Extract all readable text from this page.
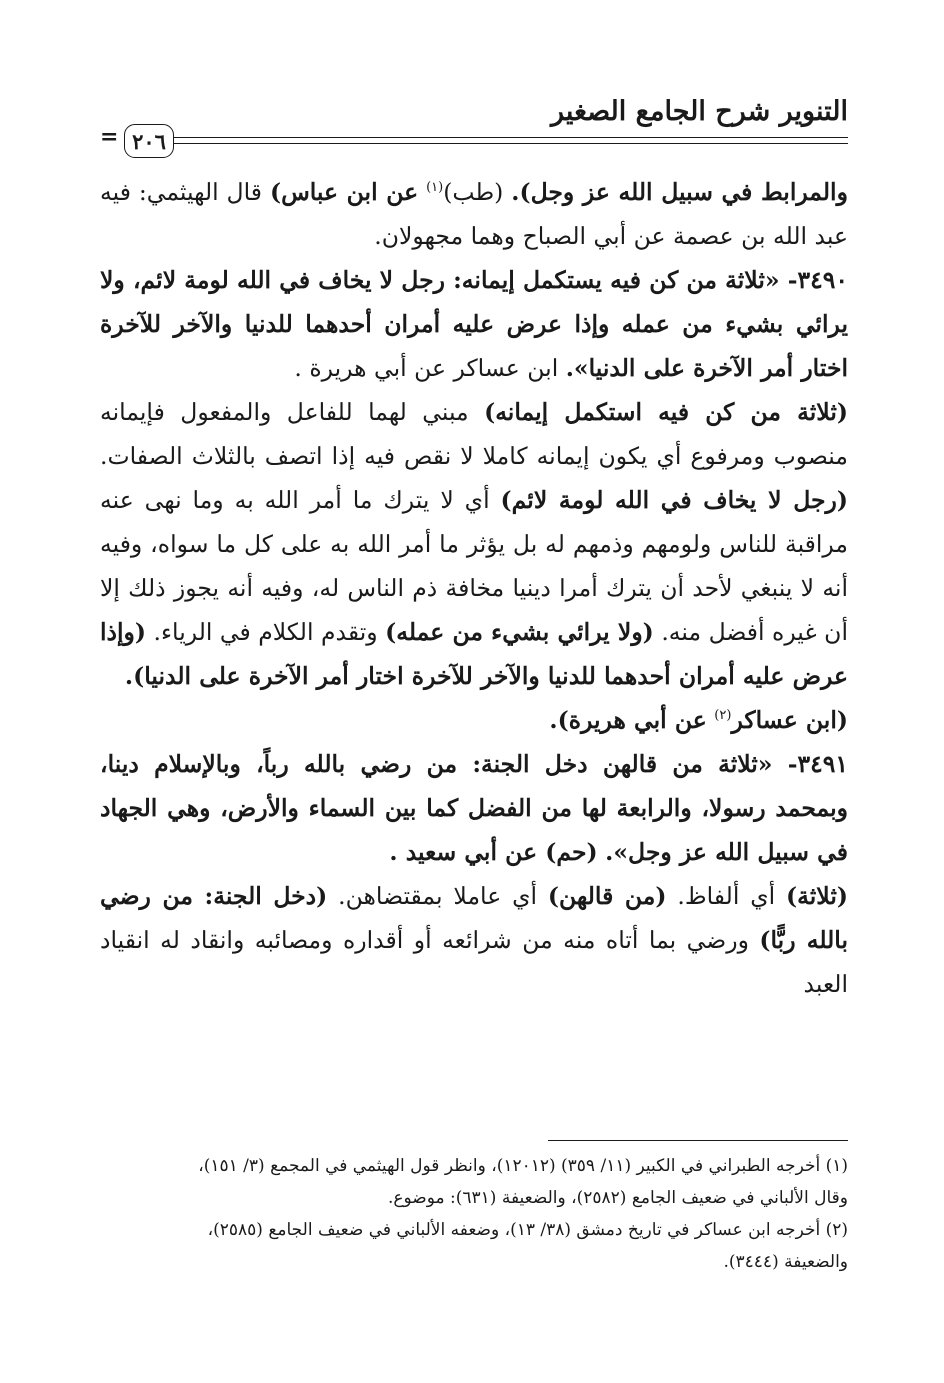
التنوير شرح الجامع الصغير
٢٠٦
=

والمرابط في سبيل الله عز وجل). (طب)$^{(١)}$ عن ابن عباس) قال الهيثمي: فيه عبد الله بن عصمة عن أبي الصباح وهما مجهولان.

٣٤٩٠- «ثلاثة من كن فيه يستكمل إيمانه: رجل لا يخاف في الله لومة لائم، ولا يرائي بشيء من عمله وإذا عرض عليه أمران أحدهما للدنيا والآخر للآخرة اختار أمر الآخرة على الدنيا». ابن عساكر عن أبي هريرة .

(ثلاثة من كن فيه استكمل إيمانه) مبني لهما للفاعل والمفعول فإيمانه منصوب ومرفوع أي يكون إيمانه كاملا لا نقص فيه إذا اتصف بالثلاث الصفات. (رجل لا يخاف في الله لومة لائم) أي لا يترك ما أمر الله به وما نهى عنه مراقبة للناس ولومهم وذمهم له بل يؤثر ما أمر الله به على كل ما سواه، وفيه أنه لا ينبغي لأحد أن يترك أمرا دينيا مخافة ذم الناس له، وفيه أنه يجوز ذلك إلا أن غيره أفضل منه. (ولا يرائي بشيء من عمله) وتقدم الكلام في الرياء. (وإذا عرض عليه أمران أحدهما للدنيا والآخر للآخرة اختار أمر الآخرة على الدنيا).
(ابن عساكر$^{(٢)}$ عن أبي هريرة).

٣٤٩١- «ثلاثة من قالهن دخل الجنة: من رضي بالله رباً، وبالإسلام دينا، وبمحمد رسولا، والرابعة لها من الفضل كما بين السماء والأرض، وهي الجهاد في سبيل الله عز وجل». (حم) عن أبي سعيد .

(ثلاثة) أي ألفاظ. (من قالهن) أي عاملا بمقتضاهن. (دخل الجنة: من رضي بالله ربًّا) ورضي بما أتاه منه من شرائعه أو أقداره ومصائبه وانقاد له انقياد العبد

(١) أخرجه الطبراني في الكبير (١١/ ٣٥٩) (١٢٠١٢)، وانظر قول الهيثمي في المجمع (٣/ ١٥١)،
وقال الألباني في ضعيف الجامع (٢٥٨٢)، والضعيفة (٦٣١): موضوع.

(٢) أخرجه ابن عساكر في تاريخ دمشق (٣٨/ ١٣)، وضعفه الألباني في ضعيف الجامع (٢٥٨٥)،
والضعيفة (٣٤٤٤).
